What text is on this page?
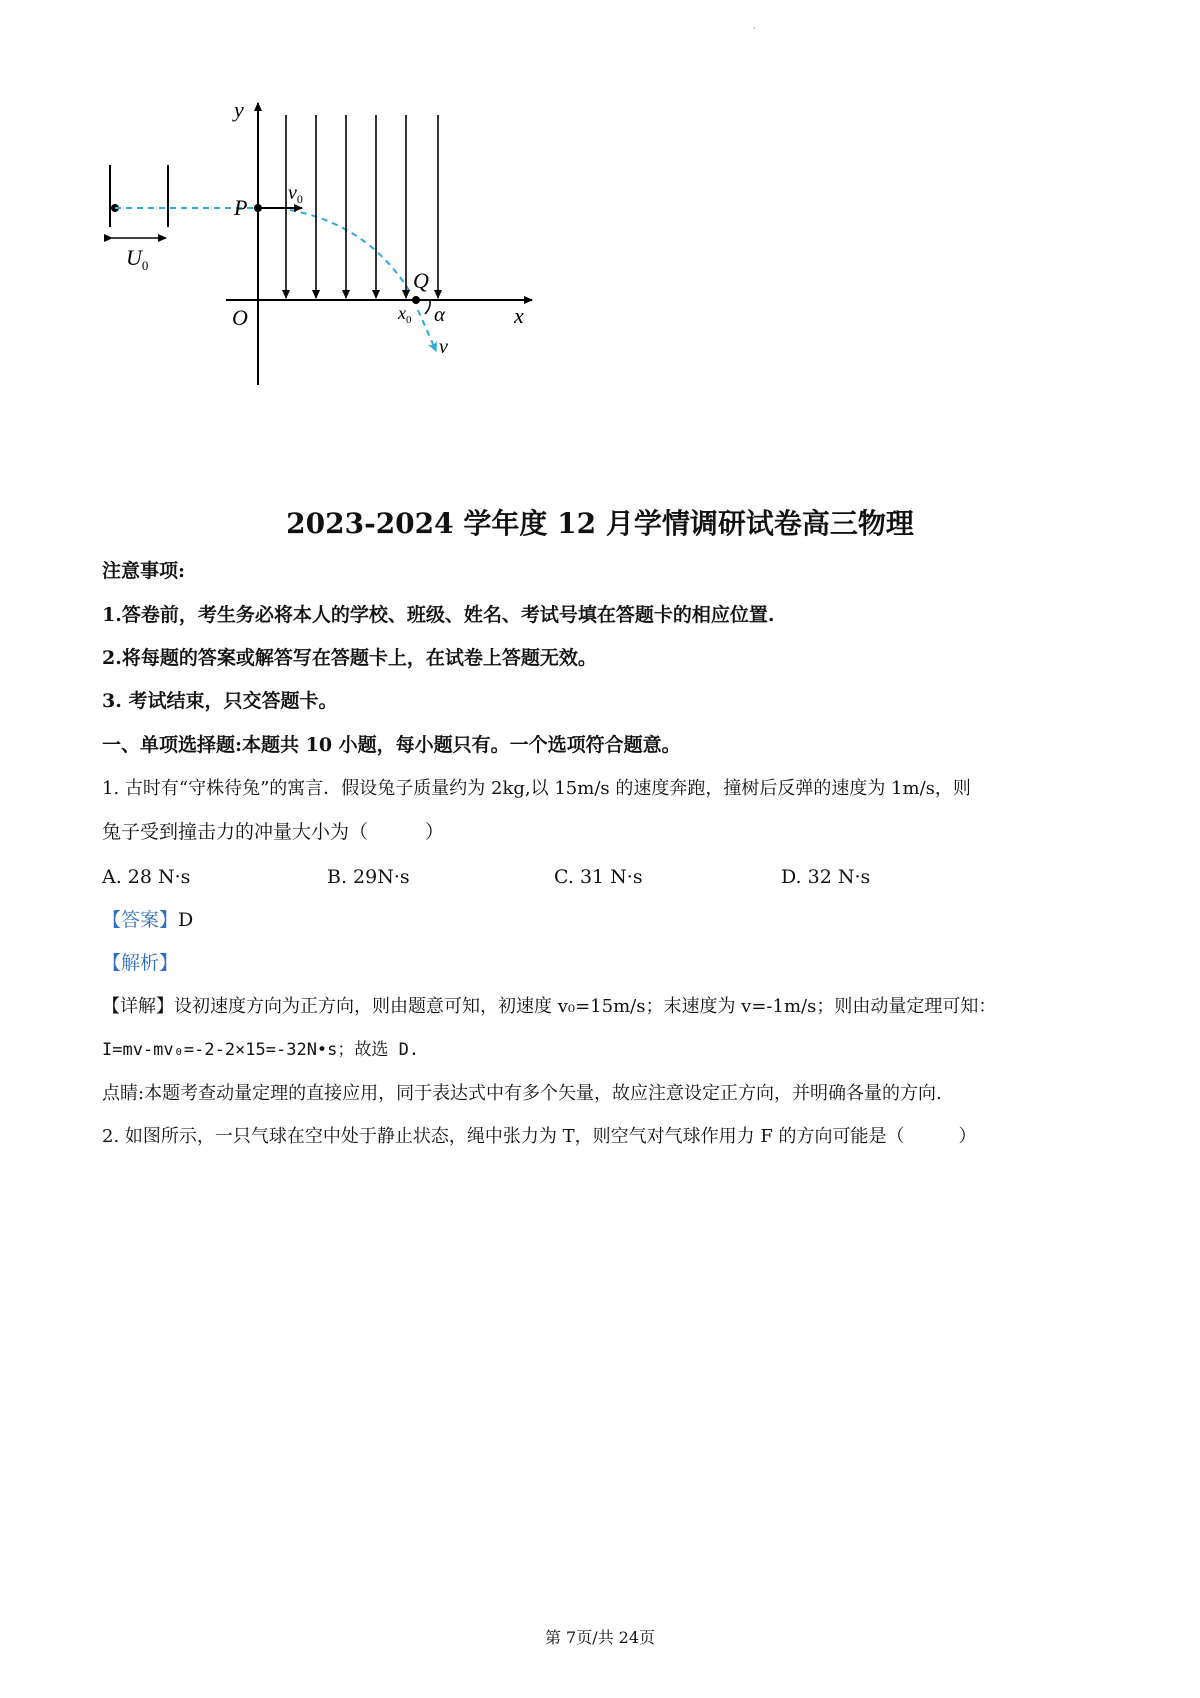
.
$U_0$
y
x
O
P
$v_0$
Q
$x_0$ α
v
2023-2024 学年度 12 月学情调研试卷高三物理
注意事项:
1.答卷前，考生务必将本人的学校、班级、姓名、考试号填在答题卡的相应位置.
2.将每题的答案或解答写在答题卡上，在试卷上答题无效。
3. 考试结束，只交答题卡。
一、单项选择题:本题共 10 小题，每小题只有。一个选项符合题意。
1. 古时有“守株待兔”的寓言．假设兔子质量约为 2kg,以 15m/s 的速度奔跑，撞树后反弹的速度为 1m/s，则
兔子受到撞击力的冲量大小为（　　　）
A. 28 N·s	B. 29N·s	C. 31 N·s	D. 32 N·s
【答案】D
【解析】
【详解】设初速度方向为正方向，则由题意可知，初速度 v₀=15m/s；末速度为 v=-1m/s；则由动量定理可知：
I=mv-mv₀=-2-2×15=-32N•s；故选 D.
点睛:本题考查动量定理的直接应用，同于表达式中有多个矢量，故应注意设定正方向，并明确各量的方向.
2. 如图所示，一只气球在空中处于静止状态，绳中张力为 T，则空气对气球作用力 F 的方向可能是（　　　）
第 7页/共 24页
